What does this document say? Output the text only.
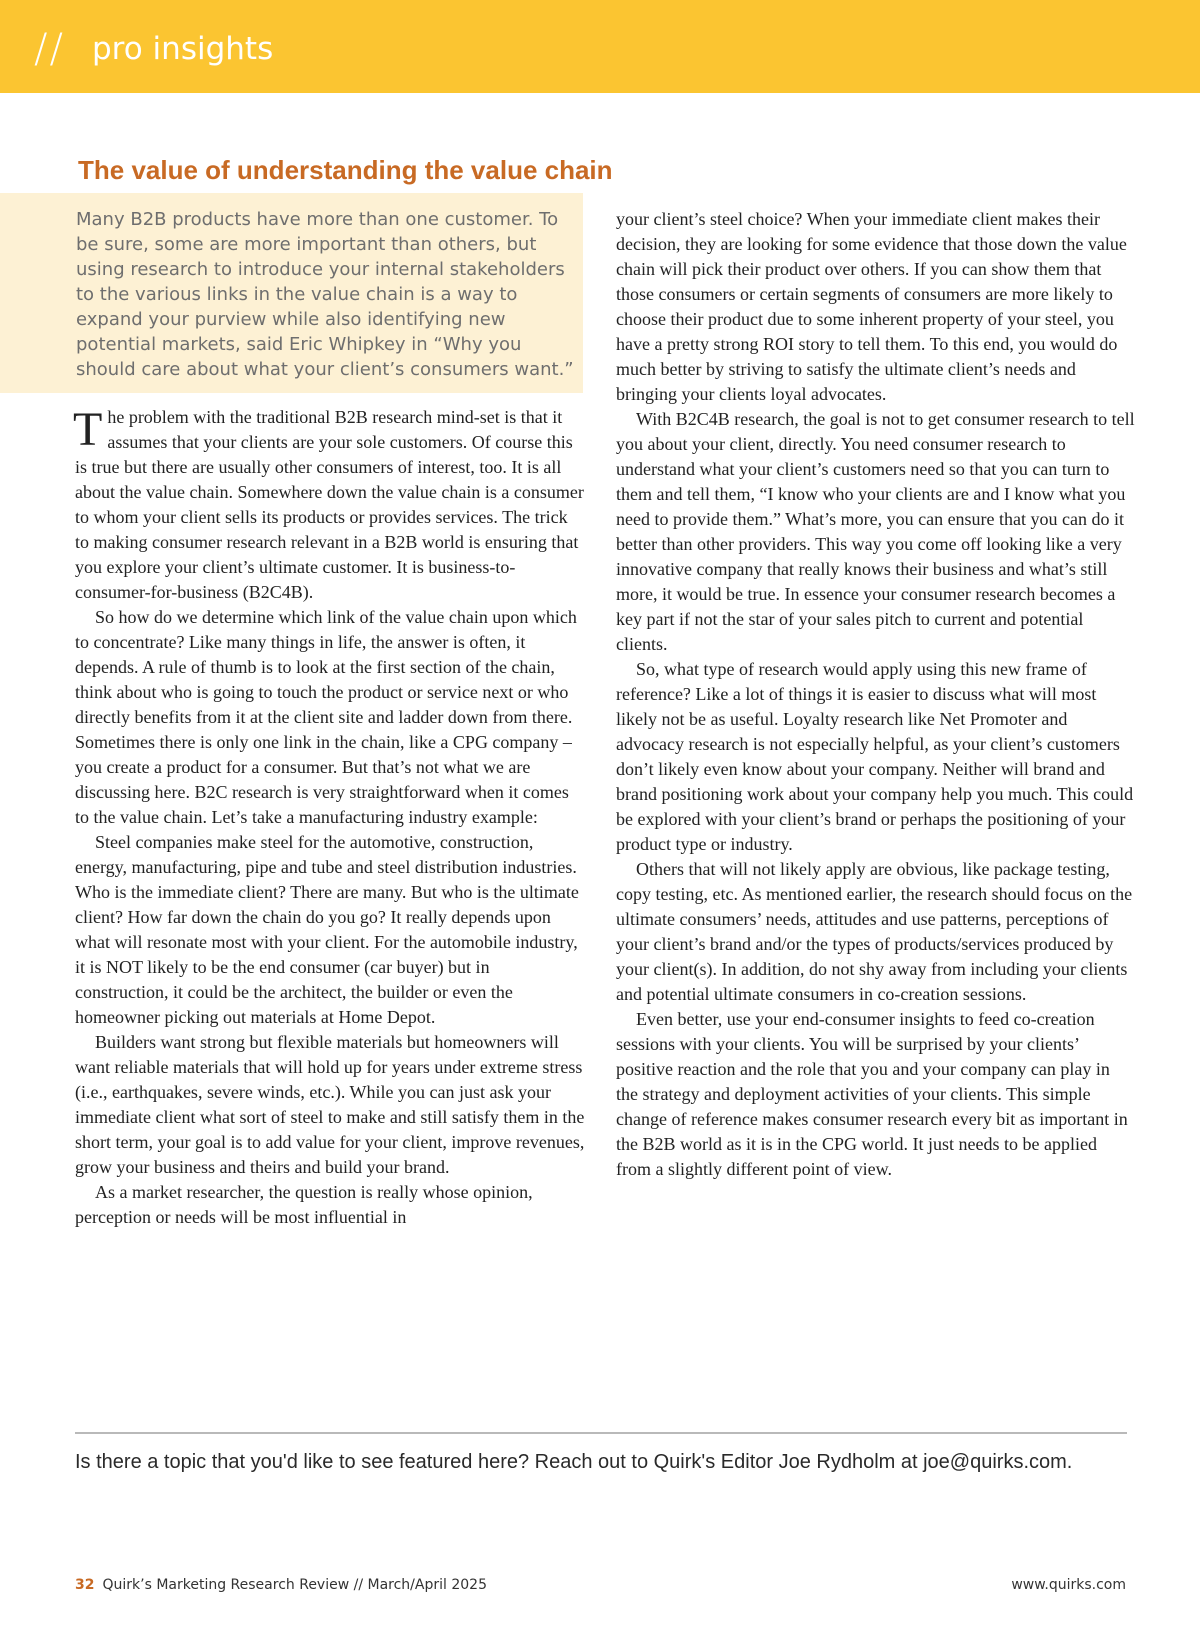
// pro insights
The value of understanding the value chain
Many B2B products have more than one customer. To be sure, some are more important than others, but using research to introduce your internal stakeholders to the various links in the value chain is a way to expand your purview while also identifying new potential markets, said Eric Whipkey in “Why you should care about what your client’s consumers want.”

The problem with the traditional B2B research mind-set is that it assumes that your clients are your sole customers. Of course this is true but there are usually other consumers of interest, too. It is all about the value chain. Somewhere down the value chain is a consumer to whom your client sells its products or provides services. The trick to making consumer research relevant in a B2B world is ensuring that you explore your client’s ultimate customer. It is business-to-consumer-for-business (B2C4B).

So how do we determine which link of the value chain upon which to concentrate? Like many things in life, the answer is often, it depends. A rule of thumb is to look at the first section of the chain, think about who is going to touch the product or service next or who directly benefits from it at the client site and ladder down from there. Sometimes there is only one link in the chain, like a CPG company – you create a product for a consumer. But that’s not what we are discussing here. B2C research is very straightforward when it comes to the value chain. Let’s take a manufacturing industry example:

Steel companies make steel for the automotive, construction, energy, manufacturing, pipe and tube and steel distribution industries. Who is the immediate client? There are many. But who is the ultimate client? How far down the chain do you go? It really depends upon what will resonate most with your client. For the automobile industry, it is NOT likely to be the end consumer (car buyer) but in construction, it could be the architect, the builder or even the homeowner picking out materials at Home Depot.

Builders want strong but flexible materials but homeowners will want reliable materials that will hold up for years under extreme stress (i.e., earthquakes, severe winds, etc.). While you can just ask your immediate client what sort of steel to make and still satisfy them in the short term, your goal is to add value for your client, improve revenues, grow your business and theirs and build your brand.

As a market researcher, the question is really whose opinion, perception or needs will be most influential in

your client’s steel choice? When your immediate client makes their decision, they are looking for some evidence that those down the value chain will pick their product over others. If you can show them that those consumers or certain segments of consumers are more likely to choose their product due to some inherent property of your steel, you have a pretty strong ROI story to tell them. To this end, you would do much better by striving to satisfy the ultimate client’s needs and bringing your clients loyal advocates.

With B2C4B research, the goal is not to get consumer research to tell you about your client, directly. You need consumer research to understand what your client’s customers need so that you can turn to them and tell them, “I know who your clients are and I know what you need to provide them.” What’s more, you can ensure that you can do it better than other providers. This way you come off looking like a very innovative company that really knows their business and what’s still more, it would be true. In essence your consumer research becomes a key part if not the star of your sales pitch to current and potential clients.

So, what type of research would apply using this new frame of reference? Like a lot of things it is easier to discuss what will most likely not be as useful. Loyalty research like Net Promoter and advocacy research is not especially helpful, as your client’s customers don’t likely even know about your company. Neither will brand and brand positioning work about your company help you much. This could be explored with your client’s brand or perhaps the positioning of your product type or industry.

Others that will not likely apply are obvious, like package testing, copy testing, etc. As mentioned earlier, the research should focus on the ultimate consumers’ needs, attitudes and use patterns, perceptions of your client’s brand and/or the types of products/services produced by your client(s). In addition, do not shy away from including your clients and potential ultimate consumers in co-creation sessions.

Even better, use your end-consumer insights to feed co-creation sessions with your clients. You will be surprised by your clients’ positive reaction and the role that you and your company can play in the strategy and deployment activities of your clients. This simple change of reference makes consumer research every bit as important in the B2B world as it is in the CPG world. It just needs to be applied from a slightly different point of view.

Is there a topic that you'd like to see featured here? Reach out to Quirk's Editor Joe Rydholm at joe@quirks.com.
32 Quirk’s Marketing Research Review // March/April 2025	www.quirks.com
